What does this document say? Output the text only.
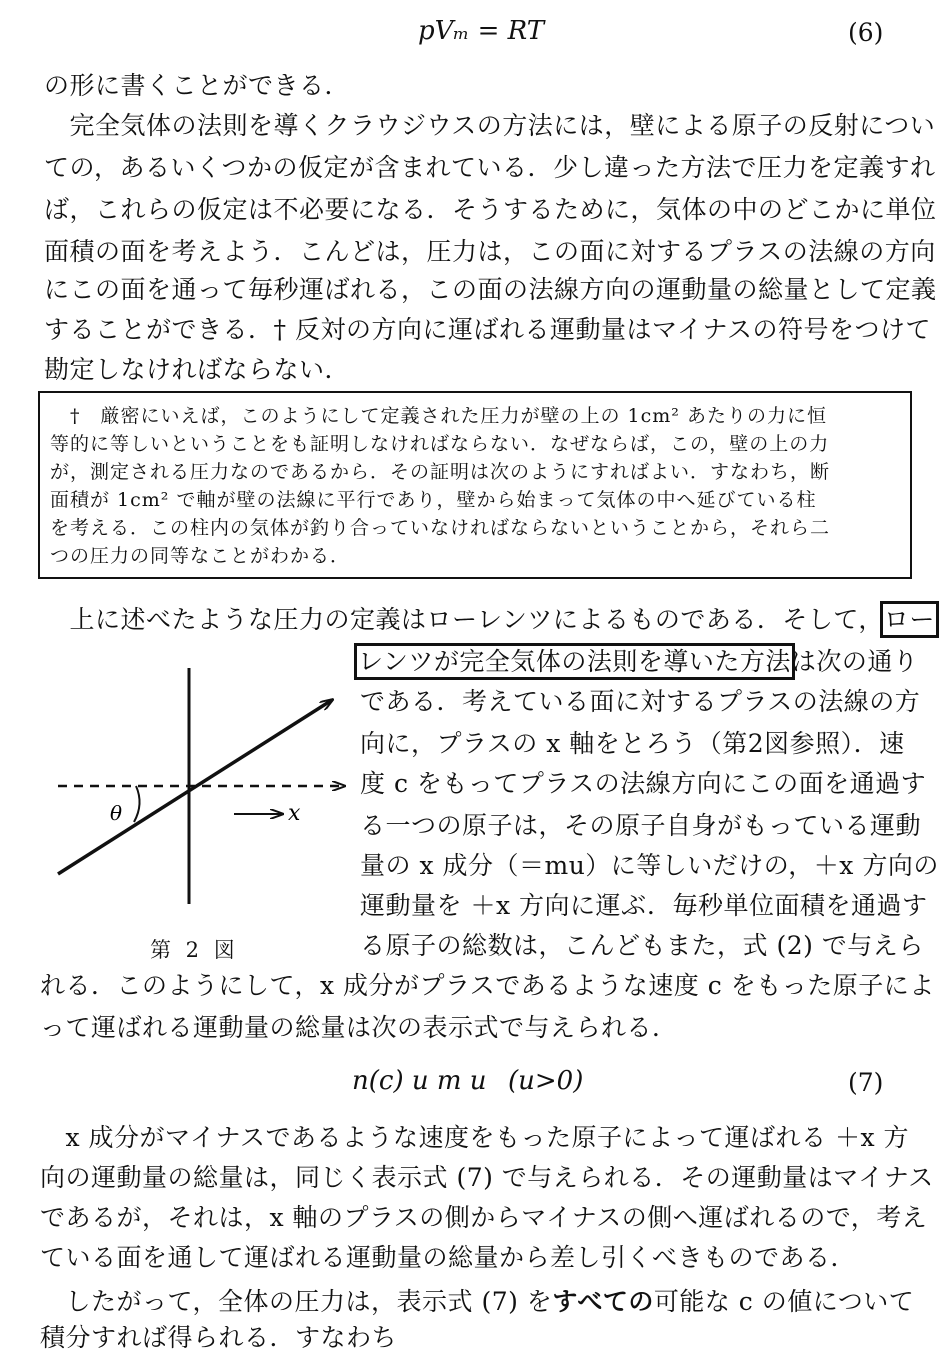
pVₘ = RT	(6)
の形に書くことができる．
　完全気体の法則を導くクラウジウスの方法には，壁による原子の反射につい
ての，あるいくつかの仮定が含まれている．少し違った方法で圧力を定義すれ
ば，これらの仮定は不必要になる．そうするために，気体の中のどこかに単位
面積の面を考えよう．こんどは，圧力は，この面に対するプラスの法線の方向
にこの面を通って毎秒運ばれる，この面の法線方向の運動量の総量として定義
することができる．† 反対の方向に運ばれる運動量はマイナスの符号をつけて
勘定しなければならない．
　†　厳密にいえば，このようにして定義された圧力が壁の上の 1cm² あたりの力に恒
等的に等しいということをも証明しなければならない．なぜならば，この，壁の上の力
が，測定される圧力なのであるから．その証明は次のようにすればよい．すなわち，断
面積が 1cm² で軸が壁の法線に平行であり，壁から始まって気体の中へ延びている柱
を考える．この柱内の気体が釣り合っていなければならないということから，それら二
つの圧力の同等なことがわかる．
　上に述べたような圧力の定義はローレンツによるものである．そして，ロー
レンツが完全気体の法則を導いた方法は次の通り
である．考えている面に対するプラスの法線の方
向に，プラスの x 軸をとろう（第2図参照）．速
度 c をもってプラスの法線方向にこの面を通過す
る一つの原子は，その原子自身がもっている運動
量の x 成分（＝mu）に等しいだけの，＋x 方向の
運動量を ＋x 方向に運ぶ．毎秒単位面積を通過す
る原子の総数は，こんどもまた，式 (2) で与えら
れる．このようにして，x 成分がプラスであるような速度 c をもった原子によ
って運ばれる運動量の総量は次の表示式で与えられる．
θ	x
第 2 図
n(c) u m u (u>0)	(7)
　x 成分がマイナスであるような速度をもった原子によって運ばれる ＋x 方
向の運動量の総量は，同じく表示式 (7) で与えられる．その運動量はマイナス
であるが，それは，x 軸のプラスの側からマイナスの側へ運ばれるので，考え
ている面を通して運ばれる運動量の総量から差し引くべきものである．
　したがって，全体の圧力は，表示式 (7) をすべての可能な c の値について
積分すれば得られる．すなわち
